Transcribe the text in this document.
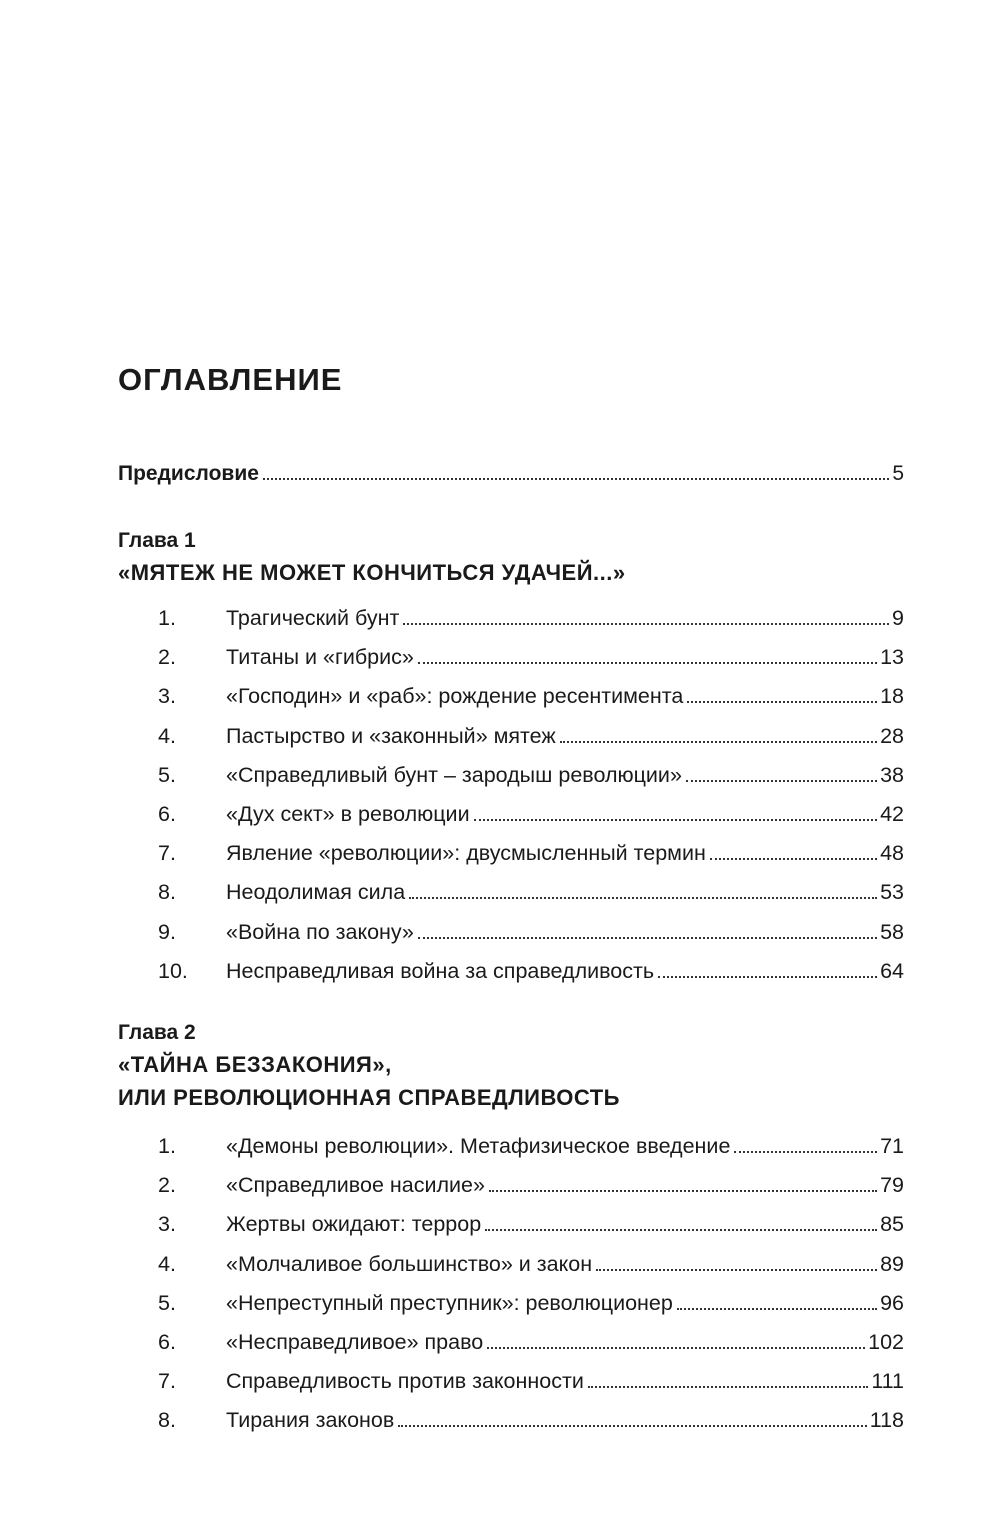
ОГЛАВЛЕНИЕ
Предисловие	5
Глава 1
«МЯТЕЖ НЕ МОЖЕТ КОНЧИТЬСЯ УДАЧЕЙ...»
1.	Трагический бунт	9
2.	Титаны и «гибрис»	13
3.	«Господин» и «раб»: рождение ресентимента	18
4.	Пастырство и «законный» мятеж	28
5.	«Справедливый бунт – зародыш революции»	38
6.	«Дух сект» в революции	42
7.	Явление «революции»: двусмысленный термин	48
8.	Неодолимая сила	53
9.	«Война по закону»	58
10.	Несправедливая война за справедливость	64
Глава 2
«ТАЙНА БЕЗЗАКОНИЯ»,
ИЛИ РЕВОЛЮЦИОННАЯ СПРАВЕДЛИВОСТЬ
1.	«Демоны революции». Метафизическое введение	71
2.	«Справедливое насилие»	79
3.	Жертвы ожидают: террор	85
4.	«Молчаливое большинство» и закон	89
5.	«Непреступный преступник»: революционер	96
6.	«Несправедливое» право	102
7.	Справедливость против законности	111
8.	Тирания законов	118
